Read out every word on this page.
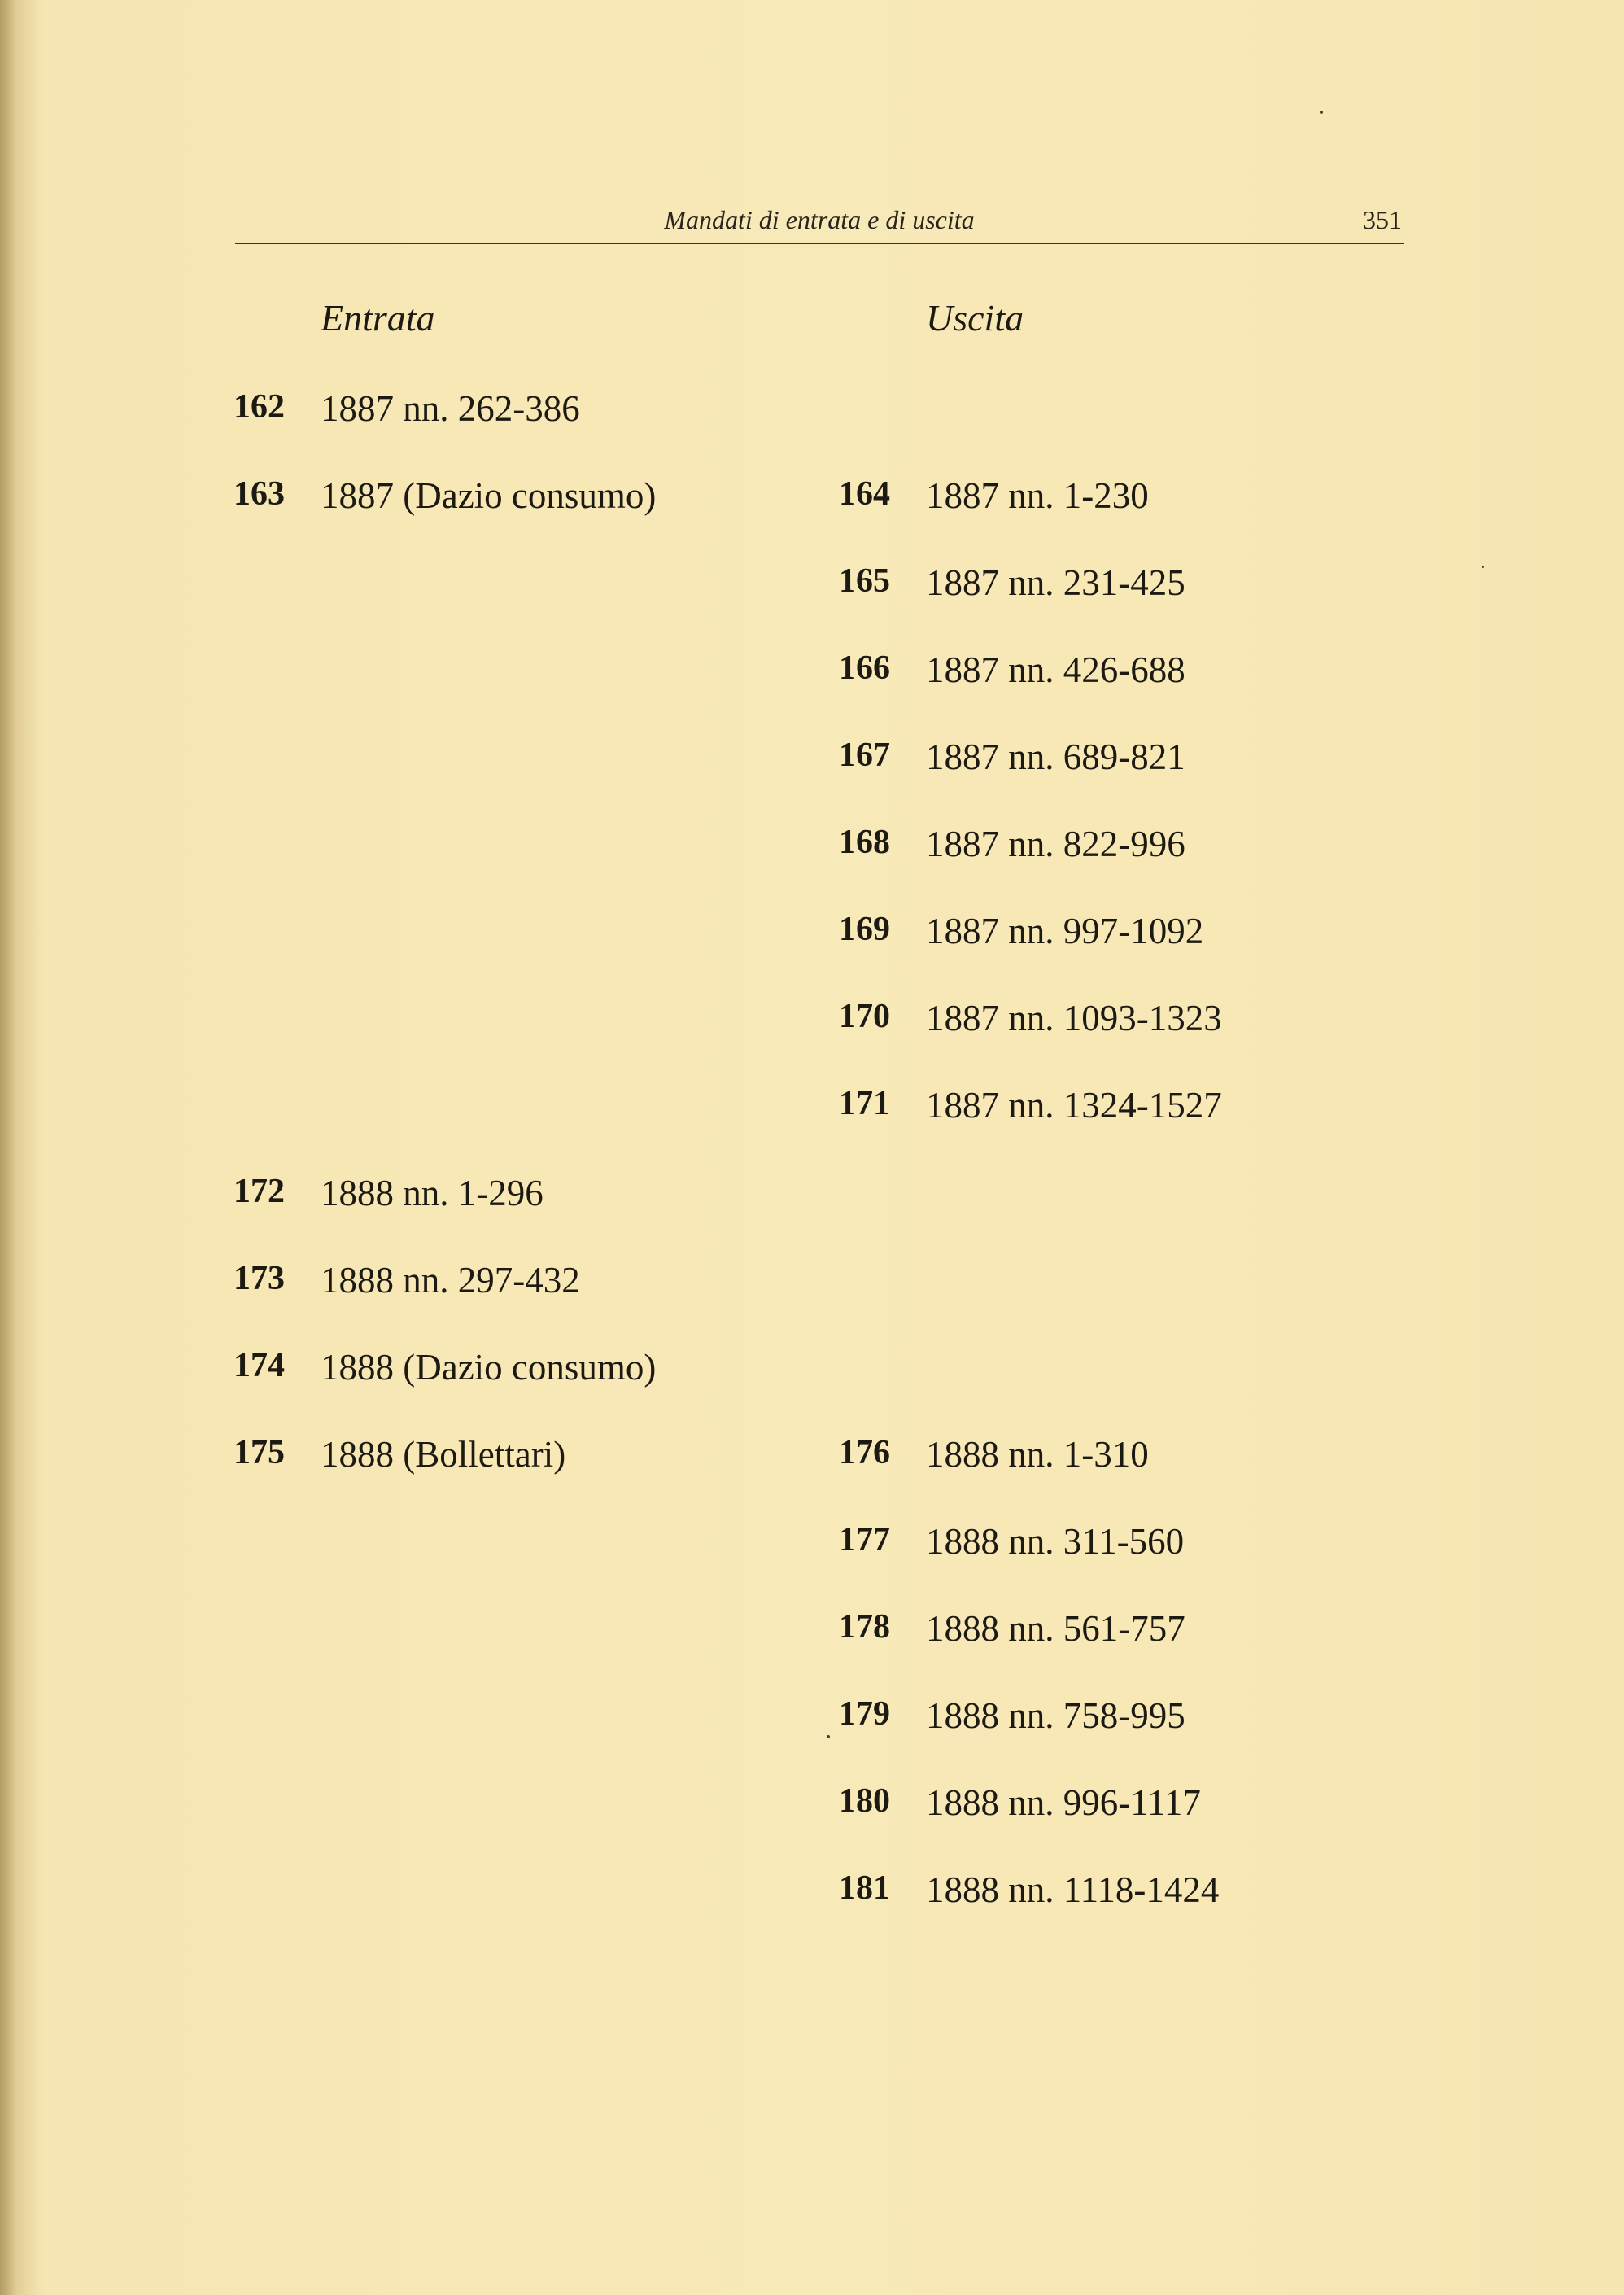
Mandati di entrata e di uscita	351
Entrata	Uscita
162 1887 nn. 262-386
163 1887 (Dazio consumo)
172 1888 nn. 1-296
173 1888 nn. 297-432
174 1888 (Dazio consumo)
175 1888 (Bollettari)
164 1887 nn. 1-230
165 1887 nn. 231-425
166 1887 nn. 426-688
167 1887 nn. 689-821
168 1887 nn. 822-996
169 1887 nn. 997-1092
170 1887 nn. 1093-1323
171 1887 nn. 1324-1527
176 1888 nn. 1-310
177 1888 nn. 311-560
178 1888 nn. 561-757
179 1888 nn. 758-995
180 1888 nn. 996-1117
181 1888 nn. 1118-1424
